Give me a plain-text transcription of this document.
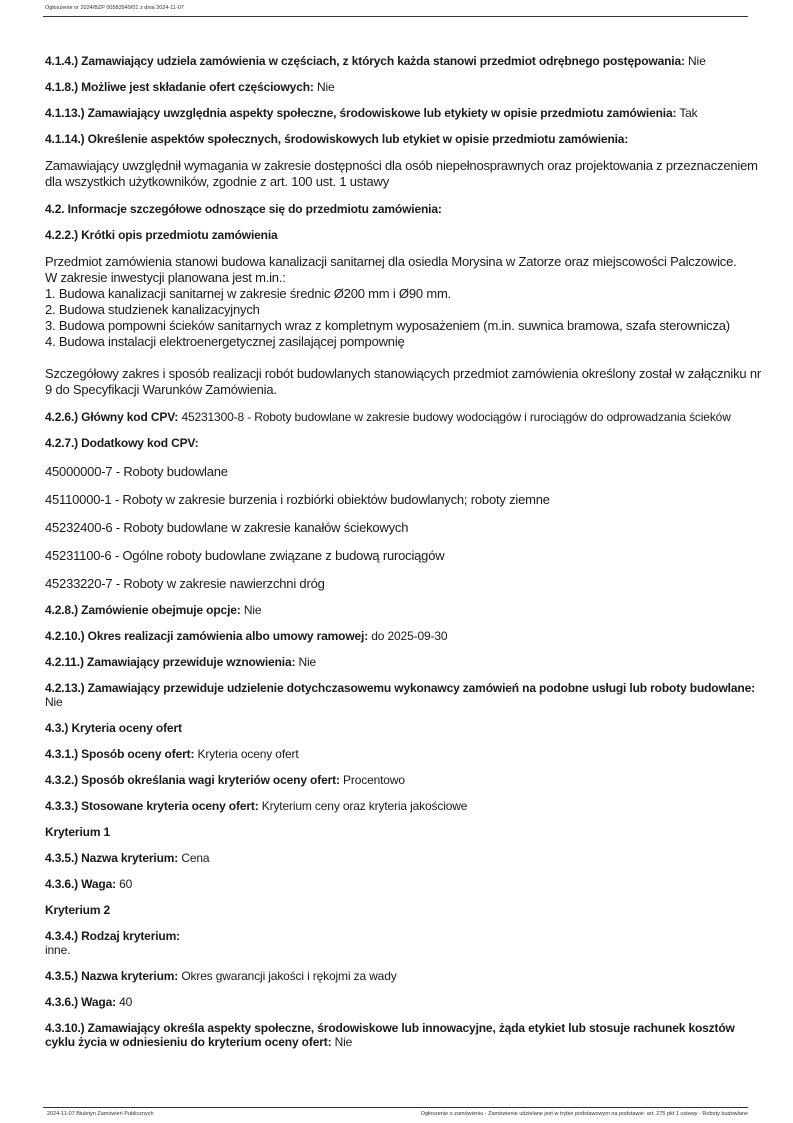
Ogłoszenie nr 2024/BZP 00583949/01 z dnia 2024-11-07

4.1.4.) Zamawiający udziela zamówienia w częściach, z których każda stanowi przedmiot odrębnego postępowania: Nie

4.1.8.) Możliwe jest składanie ofert częściowych: Nie

4.1.13.) Zamawiający uwzględnia aspekty społeczne, środowiskowe lub etykiety w opisie przedmiotu zamówienia: Tak

4.1.14.) Określenie aspektów społecznych, środowiskowych lub etykiet w opisie przedmiotu zamówienia:

Zamawiający uwzględnił wymagania w zakresie dostępności dla osób niepełnosprawnych oraz projektowania z przeznaczeniem dla wszystkich użytkowników, zgodnie z art. 100 ust. 1 ustawy

4.2. Informacje szczegółowe odnoszące się do przedmiotu zamówienia:

4.2.2.) Krótki opis przedmiotu zamówienia

Przedmiot zamówienia stanowi budowa kanalizacji sanitarnej dla osiedla Morysina w Zatorze oraz miejscowości Palczowice.

W zakresie inwestycji planowana jest m.in.:

1. Budowa kanalizacji sanitarnej w zakresie średnic Ø200 mm i Ø90 mm.

2. Budowa studzienek kanalizacyjnych

3. Budowa pompowni ścieków sanitarnych wraz z kompletnym wyposażeniem (m.in. suwnica bramowa, szafa sterownicza)

4. Budowa instalacji elektroenergetycznej zasilającej pompownię

Szczegółowy zakres i sposób realizacji robót budowlanych stanowiących przedmiot zamówienia określony został w załączniku nr 9 do Specyfikacji Warunków Zamówienia.

4.2.6.) Główny kod CPV: 45231300-8 - Roboty budowlane w zakresie budowy wodociągów i rurociągów do odprowadzania ścieków

4.2.7.) Dodatkowy kod CPV:

45000000-7 - Roboty budowlane

45110000-1 - Roboty w zakresie burzenia i rozbiórki obiektów budowlanych; roboty ziemne

45232400-6 - Roboty budowlane w zakresie kanałów ściekowych

45231100-6 - Ogólne roboty budowlane związane z budową rurociągów

45233220-7 - Roboty w zakresie nawierzchni dróg

4.2.8.) Zamówienie obejmuje opcje: Nie

4.2.10.) Okres realizacji zamówienia albo umowy ramowej: do 2025-09-30

4.2.11.) Zamawiający przewiduje wznowienia: Nie

4.2.13.) Zamawiający przewiduje udzielenie dotychczasowemu wykonawcy zamówień na podobne usługi lub roboty budowlane: Nie

4.3.) Kryteria oceny ofert

4.3.1.) Sposób oceny ofert: Kryteria oceny ofert

4.3.2.) Sposób określania wagi kryteriów oceny ofert: Procentowo

4.3.3.) Stosowane kryteria oceny ofert: Kryterium ceny oraz kryteria jakościowe

Kryterium 1

4.3.5.) Nazwa kryterium: Cena

4.3.6.) Waga: 60

Kryterium 2

4.3.4.) Rodzaj kryterium:
inne.

4.3.5.) Nazwa kryterium: Okres gwarancji jakości i rękojmi za wady

4.3.6.) Waga: 40

4.3.10.) Zamawiający określa aspekty społeczne, środowiskowe lub innowacyjne, żąda etykiet lub stosuje rachunek kosztów cyklu życia w odniesieniu do kryterium oceny ofert: Nie

2024-11-07 Biuletyn Zamówień Publicznych	Ogłoszenie o zamówieniu - Zamówienie udzielane jest w trybie podstawowym na podstawie: art. 275 pkt 1 ustawy - Roboty budowlane
